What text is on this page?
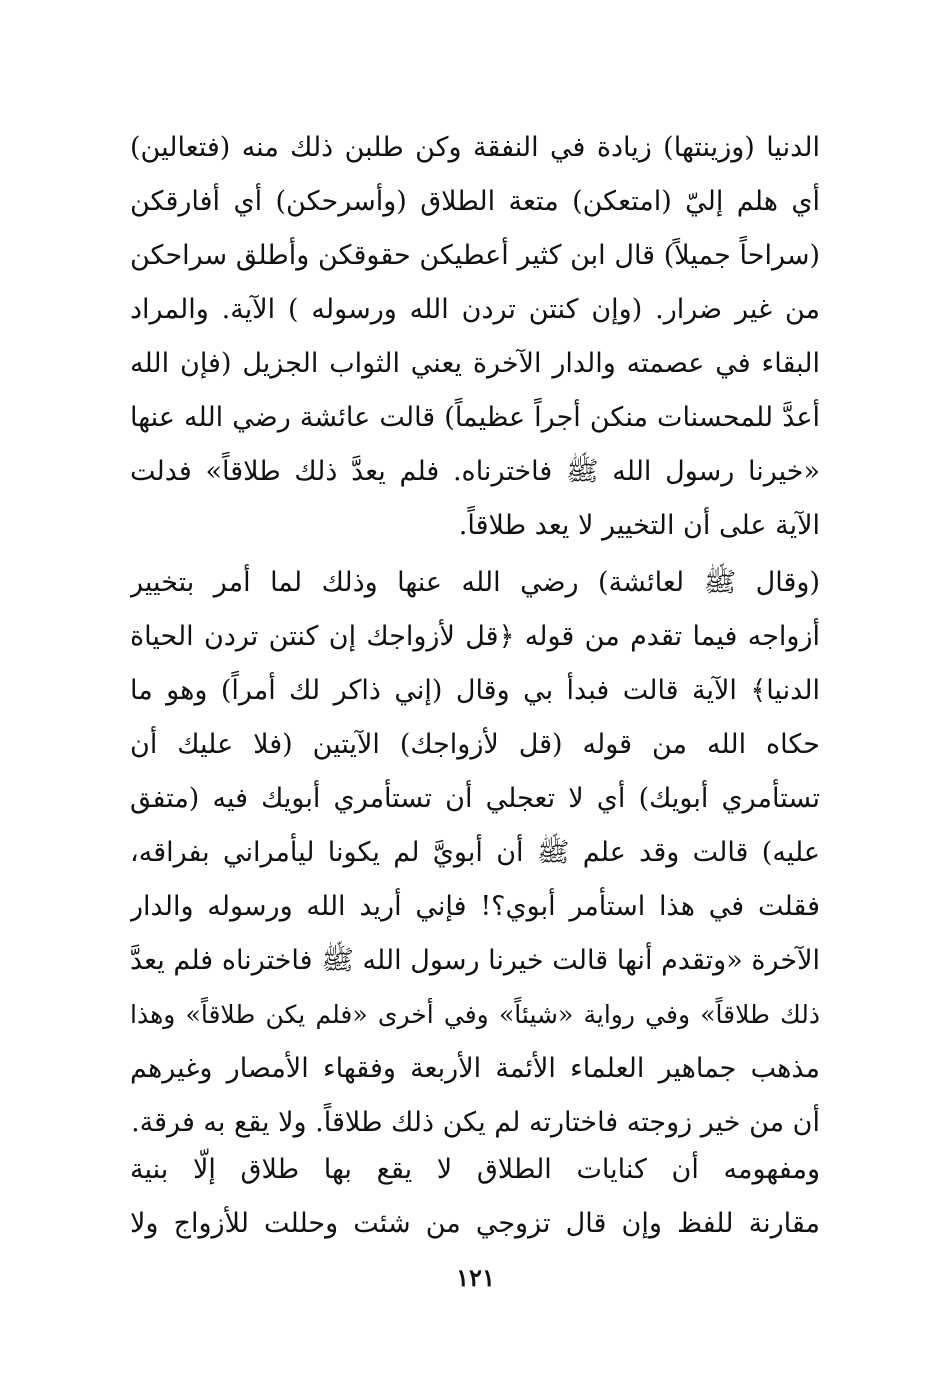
الدنيا (وزينتها) زيادة في النفقة وكن طلبن ذلك منه (فتعالين)
أي هلم إليّ (امتعكن) متعة الطلاق (وأسرحكن) أي أفارقكن
(سراحاً جميلاً) قال ابن كثير أعطيكن حقوقكن وأطلق سراحكن
من غير ضرار. (وإن كنتن تردن الله ورسوله ) الآية. والمراد
البقاء في عصمته والدار الآخرة يعني الثواب الجزيل (فإن الله
أعدَّ للمحسنات منكن أجراً عظيماً) قالت عائشة رضي الله عنها
«خيرنا رسول الله ﷺ فاخترناه. فلم يعدَّ ذلك طلاقاً» فدلت
الآية على أن التخيير لا يعد طلاقاً.
(وقال ﷺ لعائشة) رضي الله عنها وذلك لما أمر بتخيير
أزواجه فيما تقدم من قوله ﴿قل لأزواجك إن كنتن تردن الحياة
الدنيا﴾ الآية قالت فبدأ بي وقال (إني ذاكر لك أمراً) وهو ما
حكاه الله من قوله (قل لأزواجك) الآيتين (فلا عليك أن
تستأمري أبويك) أي لا تعجلي أن تستأمري أبويك فيه (متفق
عليه) قالت وقد علم ﷺ أن أبويَّ لم يكونا ليأمراني بفراقه،
فقلت في هذا استأمر أبوي؟! فإني أريد الله ورسوله والدار
الآخرة «وتقدم أنها قالت خيرنا رسول الله ﷺ فاخترناه فلم يعدَّ
ذلك طلاقاً» وفي رواية «شيئاً» وفي أخرى «فلم يكن طلاقاً» وهذا
مذهب جماهير العلماء الأئمة الأربعة وفقهاء الأمصار وغيرهم
أن من خير زوجته فاختارته لم يكن ذلك طلاقاً. ولا يقع به فرقة.
ومفهومه أن كنايات الطلاق لا يقع بها طلاق إلّا بنية
مقارنة للفظ وإن قال تزوجي من شئت وحللت للأزواج ولا
١٢١
